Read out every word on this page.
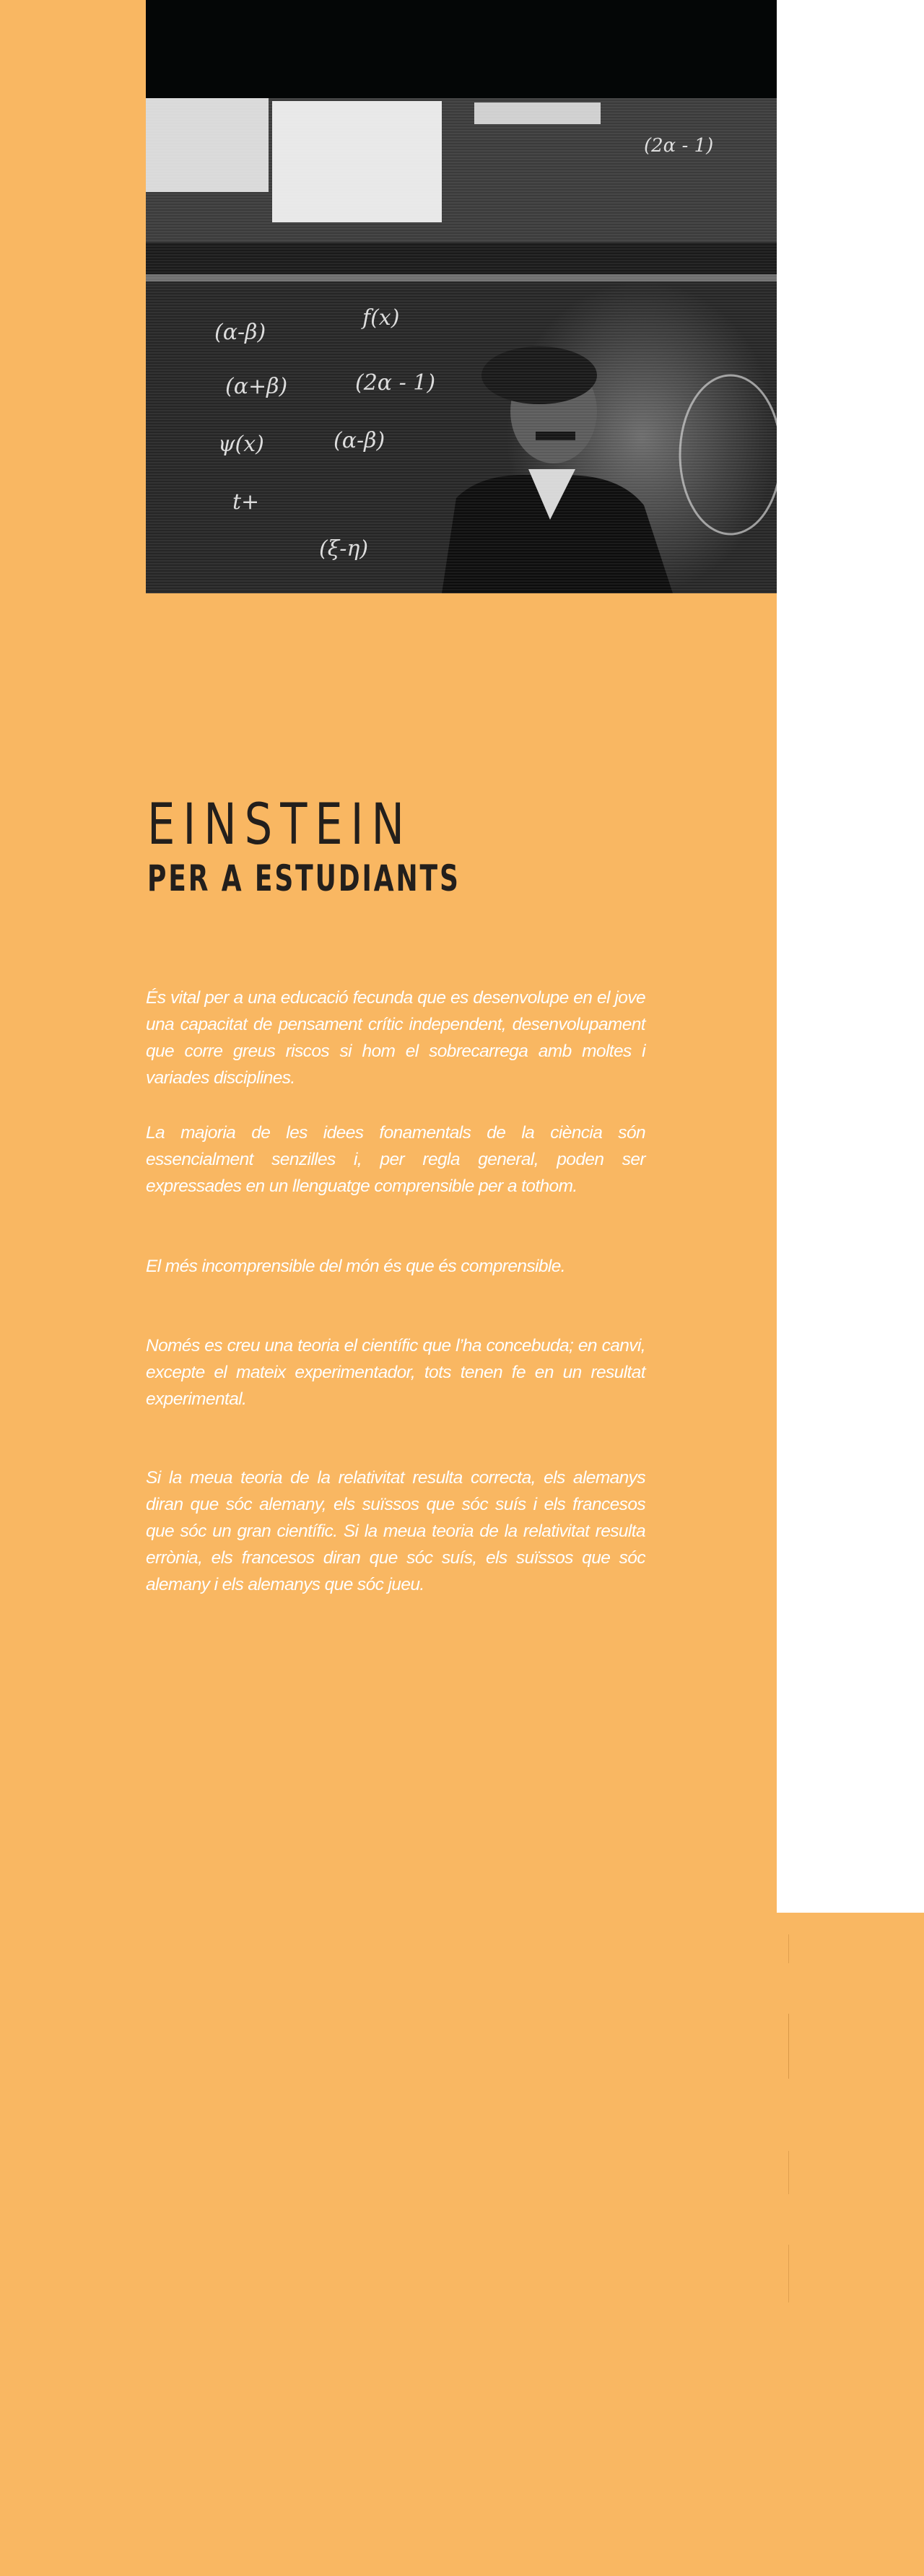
EINSTEIN
PER A ESTUDIANTS

És vital per a una educació fecunda que es desenvolupe en el jove una capacitat de pensament crític independent, desenvolupament que corre greus riscos si hom el sobrecarrega amb moltes i variades disciplines.

La majoria de les idees fonamentals de la ciència són essencialment senzilles i, per regla general, poden ser expressades en un llenguatge comprensible per a tothom.

El més incomprensible del món és que és comprensible.

Només es creu una teoria el científic que l’ha concebuda; en canvi, excepte el mateix experimentador, tots tenen fe en un resultat experimental.

Si la meua teoria de la relativitat resulta correcta, els alemanys diran que sóc alemany, els suïssos que sóc suís i els francesos que sóc un gran científic. Si la meua teoria de la relativitat resulta errònia, els francesos diran que sóc suís, els suïssos que sóc alemany i els alemanys que sóc jueu.
